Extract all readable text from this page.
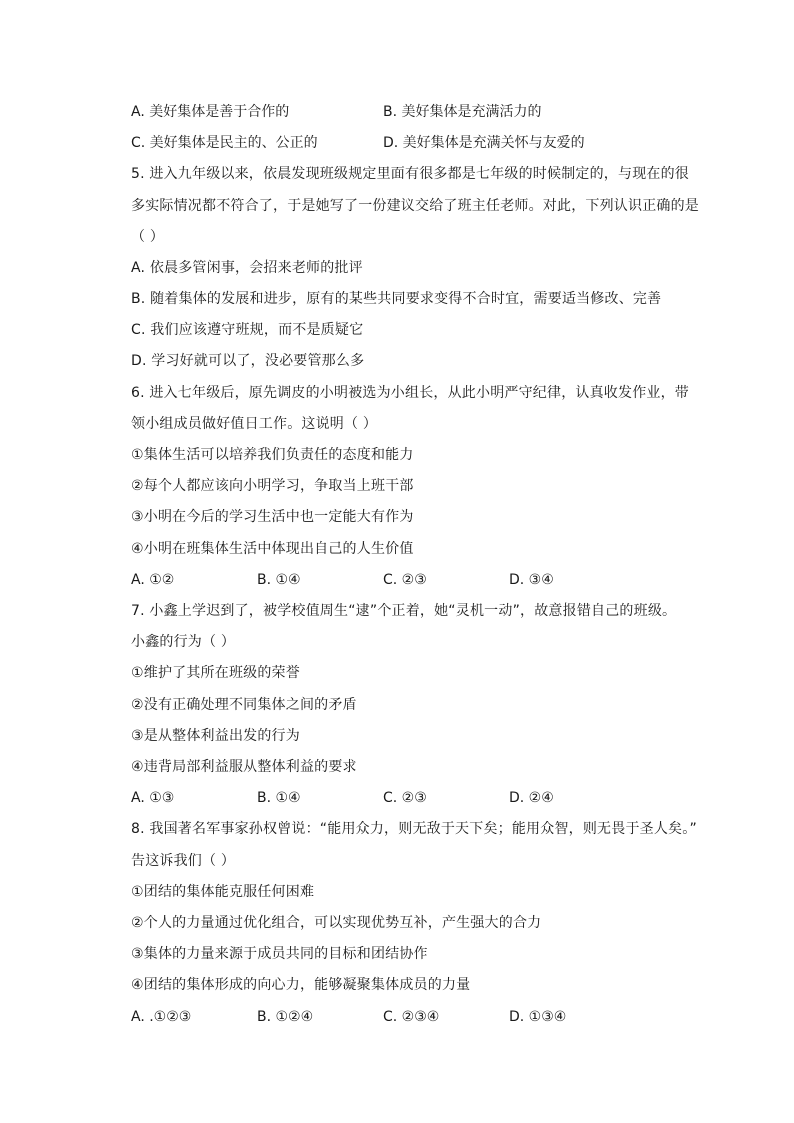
A. 美好集体是善于合作的	B. 美好集体是充满活力的
C. 美好集体是民主的、公正的	D. 美好集体是充满关怀与友爱的
5. 进入九年级以来，依晨发现班级规定里面有很多都是七年级的时候制定的，与现在的很
多实际情况都不符合了，于是她写了一份建议交给了班主任老师。对此，下列认识正确的是
（ ）
A. 依晨多管闲事，会招来老师的批评
B. 随着集体的发展和进步，原有的某些共同要求变得不合时宜，需要适当修改、完善
C. 我们应该遵守班规，而不是质疑它
D. 学习好就可以了，没必要管那么多
6. 进入七年级后，原先调皮的小明被选为小组长，从此小明严守纪律，认真收发作业，带
领小组成员做好值日工作。这说明（ ）
①集体生活可以培养我们负责任的态度和能力
②每个人都应该向小明学习，争取当上班干部
③小明在今后的学习生活中也一定能大有作为
④小明在班集体生活中体现出自己的人生价值
A. ①②	B. ①④	C. ②③	D. ③④
7. 小鑫上学迟到了，被学校值周生“逮”个正着，她“灵机一动”，故意报错自己的班级。
小鑫的行为（ ）
①维护了其所在班级的荣誉
②没有正确处理不同集体之间的矛盾
③是从整体利益出发的行为
④违背局部利益服从整体利益的要求
A. ①③	B. ①④	C. ②③	D. ②④
8. 我国著名军事家孙权曾说：“能用众力，则无敌于天下矣；能用众智，则无畏于圣人矣。”
告这诉我们（ ）
①团结的集体能克服任何困难
②个人的力量通过优化组合，可以实现优势互补，产生强大的合力
③集体的力量来源于成员共同的目标和团结协作
④团结的集体形成的向心力，能够凝聚集体成员的力量
A. .①②③	B. ①②④	C. ②③④	D. ①③④
